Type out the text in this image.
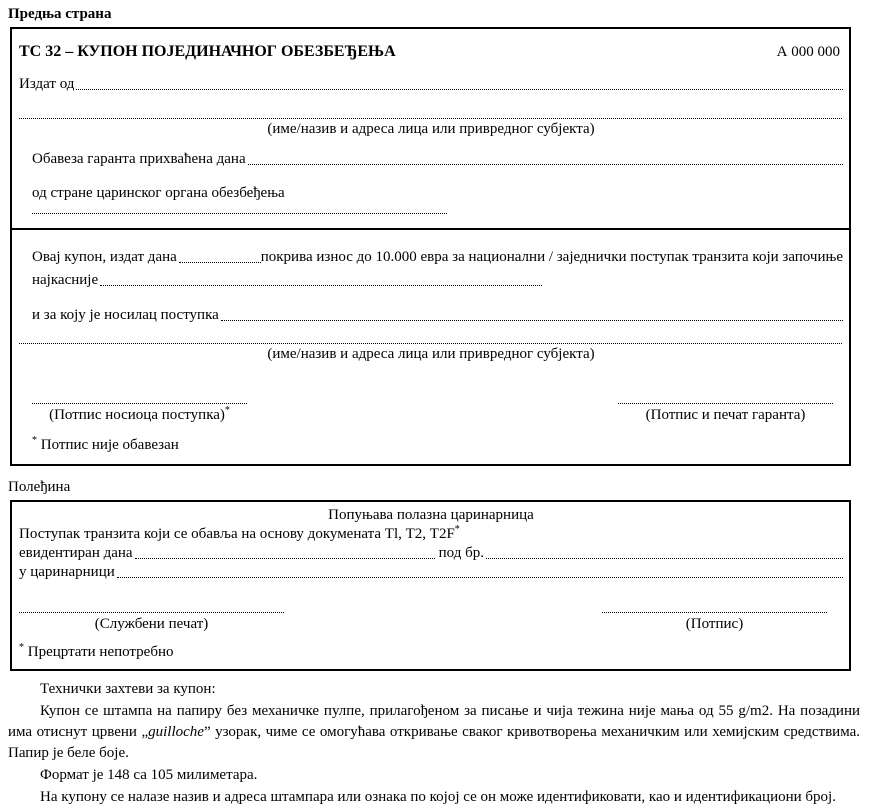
Предња страна
ТС 32 – КУПОН ПОЈЕДИНАЧНОГ ОБЕЗБЕЂЕЊА	А 000 000
Издат од
(име/назив и адреса лица или привредног субјекта)
Обавеза гаранта прихваћена дана
од стране царинског органа обезбеђења
Овај купон, издат дана	покрива износ до 10.000 евра за национални / заједнички поступак транзита који започиње
најкасније
и за коју је носилац поступка
(име/назив и адреса лица или привредног субјекта)
(Потпис носиоца поступка)*	(Потпис и печат гаранта)
* Потпис није обавезан
Полеђина
Попуњава полазна царинарница
Поступак транзита који се обавља на основу докумената Тl, Т2, Т2F*
евидентиран дана	под бр.
у царинарници
(Службени печат)	(Потпис)
* Прецртати непотребно

Технички захтеви за купон:

Купон се штампа на папиру без механичке пулпе, прилагођеном за писање и чија тежина није мања од 55 g/m2. На позадини има отиснут црвени „guilloche” узорак, чиме се омогућава откривање сваког кривотворења механичким или хемијским средствима. Папир је беле боје.

Формат је 148 са 105 милиметара.

На купону се налазе назив и адреса штампара или ознака по којој се он може идентификовати, као и идентификациони број.
